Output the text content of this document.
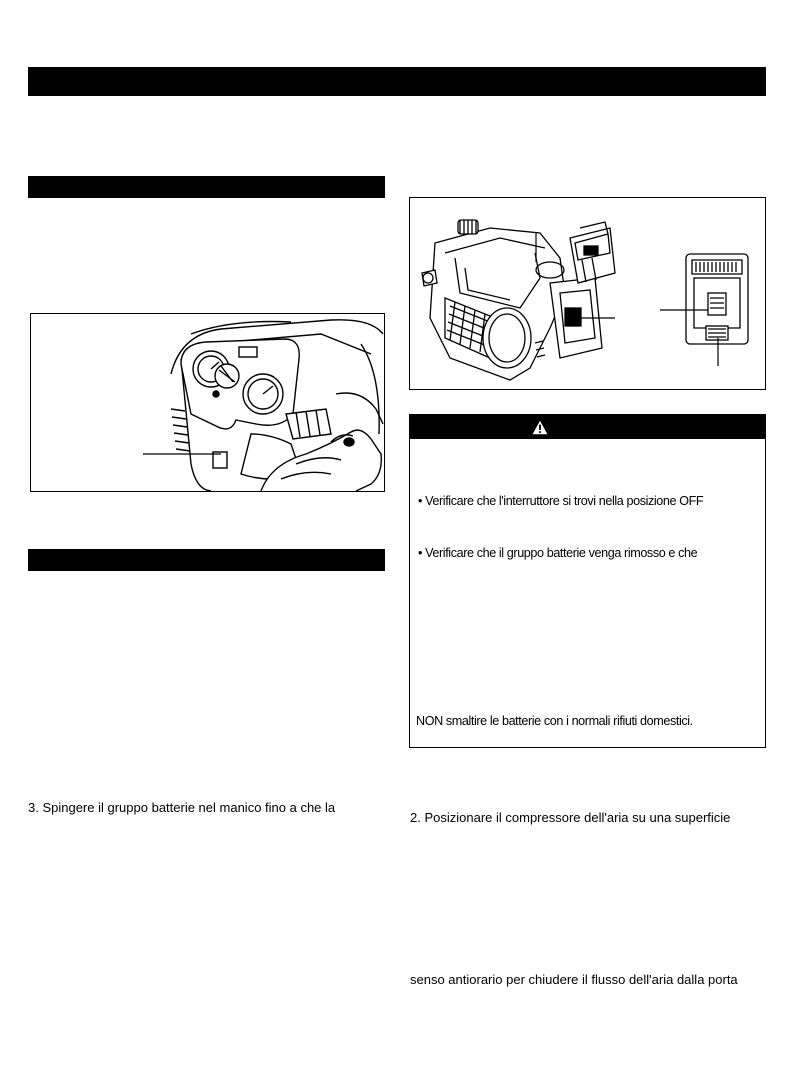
• Verificare che l'interruttore si trovi nella posizione OFF
• Verificare che il gruppo batterie venga rimosso e che
NON smaltire le batterie con i normali rifiuti domestici.
3. Spingere il gruppo batterie nel manico fino a che la
2. Posizionare il compressore dell'aria su una superficie
senso antiorario per chiudere il flusso dell'aria dalla porta
